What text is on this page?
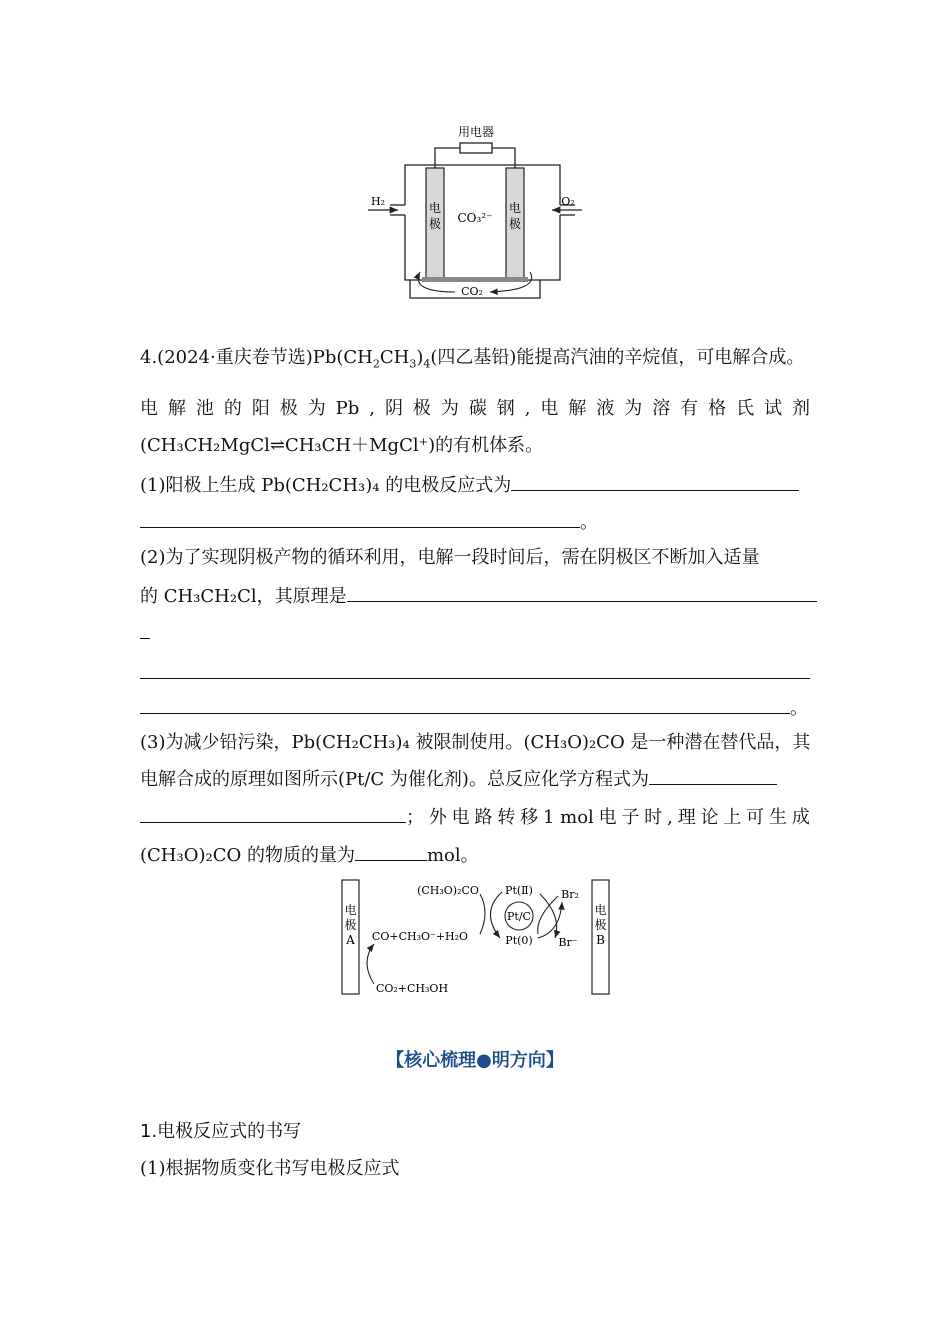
用电器
H₂	O₂
电
极
电
极
CO₃²⁻
CO₂
4.(2024·重庆卷节选)$Pb(CH_2CH_3)_4$(四乙基铅)能提高汽油的辛烷值，可电解合成。
电 解 池 的 阳 极 为 Pb , 阴 极 为 碳 钢 , 电 解 液 为 溶 有 格 氏 试 剂
(CH₃CH₂MgCl⇌CH₃CH＋MgCl⁺)的有机体系。
(1)阳极上生成 Pb(CH₂CH₃)₄ 的电极反应式为
。
(2)为了实现阴极产物的循环利用，电解一段时间后，需在阴极区不断加入适量
的 CH₃CH₂Cl，其原理是
。
(3)为减少铅污染，Pb(CH₂CH₃)₄ 被限制使用。(CH₃O)₂CO 是一种潜在替代品，其
电解合成的原理如图所示(Pt/C 为催化剂)。总反应化学方程式为
； 外 电 路 转 移 1 mol 电 子 时 , 理 论 上 可 生 成
(CH₃O)₂CO 的物质的量为	mol。
电
极
A
电
极
B
(CH₃O)₂CO Pt(Ⅱ)
Pt/C
Pt(0)
Br₂
Br⁻
CO+CH₃O⁻+H₂O
CO₂+CH₃OH
【核心梳理●明方向】
1.电极反应式的书写
(1)根据物质变化书写电极反应式
